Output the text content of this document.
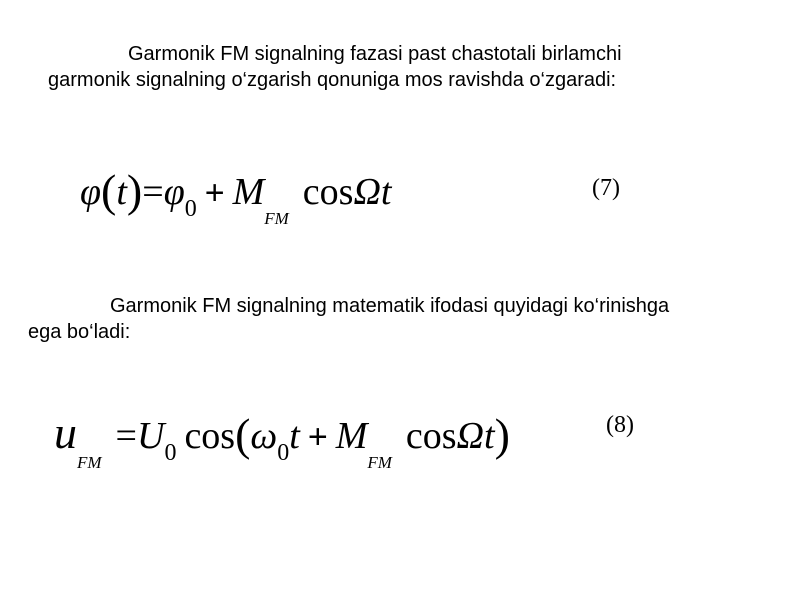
Garmonik FM signalning fazasi past chastotali birlamchi
garmonik signalning o‘zgarish qonuniga mos ravishda o‘zgaradi:

$\varphi(t)=\varphi_0 + M_{FM}\cos\Omega t$	(7)

Garmonik FM signalning matematik ifodasi quyidagi ko‘rinishga
ega bo‘ladi:

$u_{FM}=U_0$ $\cos(\omega_0t + M_{FM}\cos\Omega t)$	(8)
